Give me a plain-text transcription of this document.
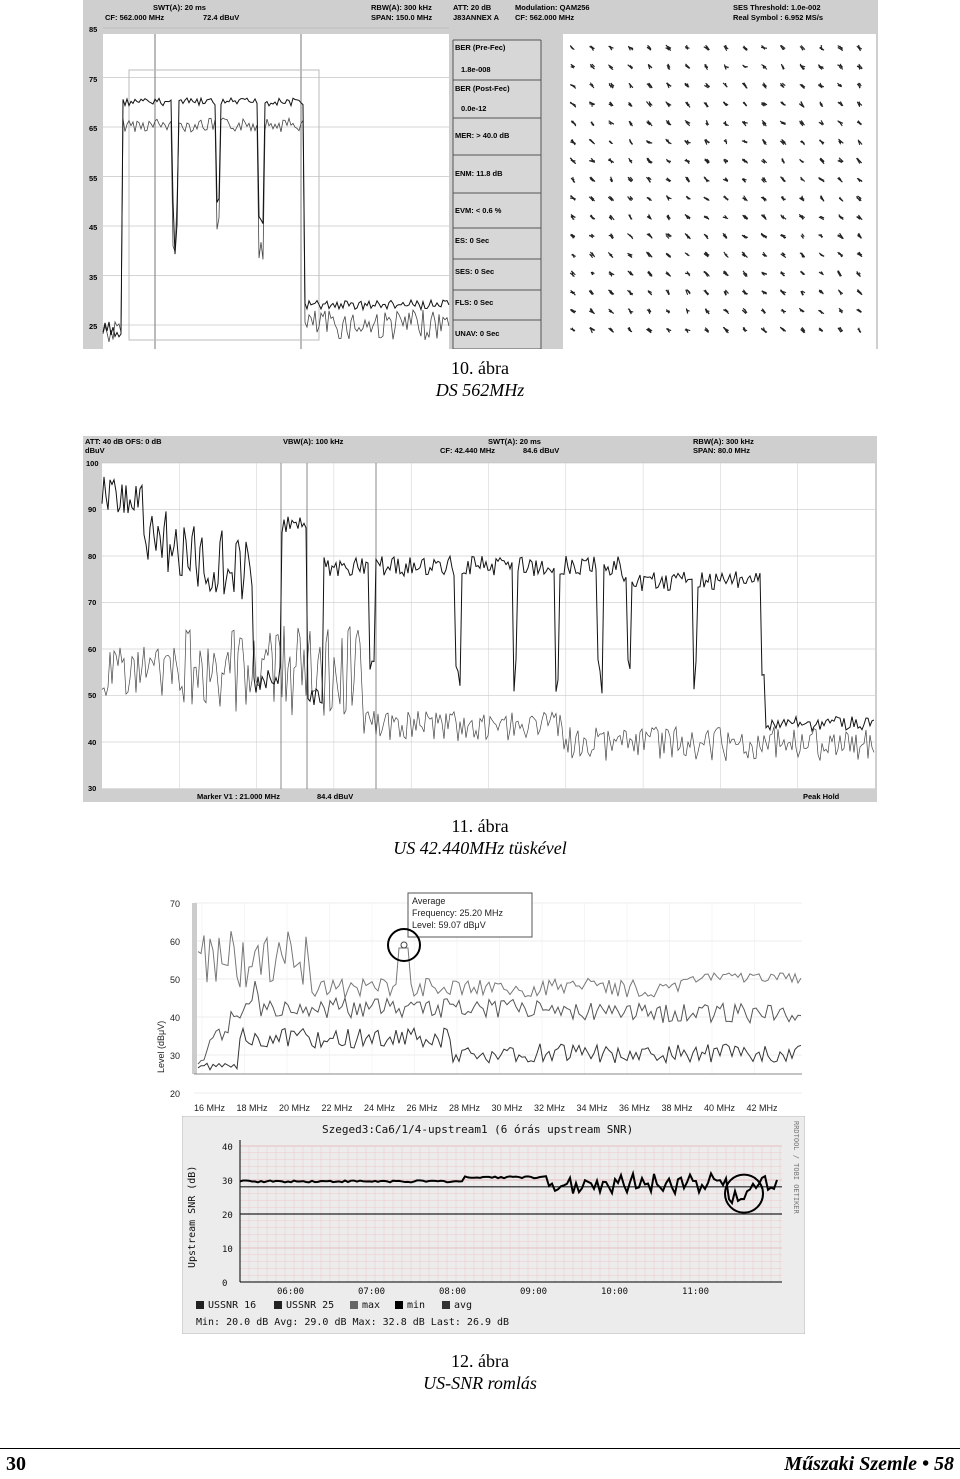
SWT(A): 20 ms
CF: 562.000 MHz	72.4 dBuV
RBW(A): 300 kHz
SPAN: 150.0 MHz
ATT: 20 dB
J83ANNEX A
Modulation: QAM256
CF: 562.000 MHz
SES Threshold: 1.0e-002
Real Symbol : 6.952 MS/s
85
75
65
55
45
35
25
BER (Pre-Fec)
1.8e-008
BER (Post-Fec)
0.0e-12
MER: > 40.0 dB
ENM: 11.8 dB
EVM: < 0.6 %
ES: 0 Sec
SES: 0 Sec
FLS: 0 Sec
UNAV: 0 Sec
10. ábra
DS 562MHz
ATT: 40 dB OFS: 0 dB
dBuV
VBW(A): 100 kHz	SWT(A): 20 ms
CF: 42.440 MHz	84.6 dBuV
RBW(A): 300 kHz
SPAN: 80.0 MHz
100
90
80
70
60
50
40
30
Marker V1 : 21.000 MHz	84.4 dBuV	Peak Hold
11. ábra
US 42.440MHz tüskével
Level (dBμV)
70
60
50
40
30
20
16 MHz 18 MHz 20 MHz 22 MHz 24 MHz 26 MHz 28 MHz 30 MHz 32 MHz 34 MHz 36 MHz 38 MHz 40 MHz 42 MHz
Average
Frequency: 25.20 MHz
Level: 59.07 dBμV
Szeged3:Ca6/1/4-upstream1 (6 órás upstream SNR)	RRDTOOL / TOBI OETIKER
Upstream SNR (dB)
40
30
20
10
0
06:00	07:00	08:00	09:00	10:00	11:00
USSNR 16	USSNR 25	max	min	avg
Min: 20.0 dB Avg: 29.0 dB Max: 32.8 dB Last: 26.9 dB
12. ábra
US-SNR romlás
30	Műszaki Szemle • 58
